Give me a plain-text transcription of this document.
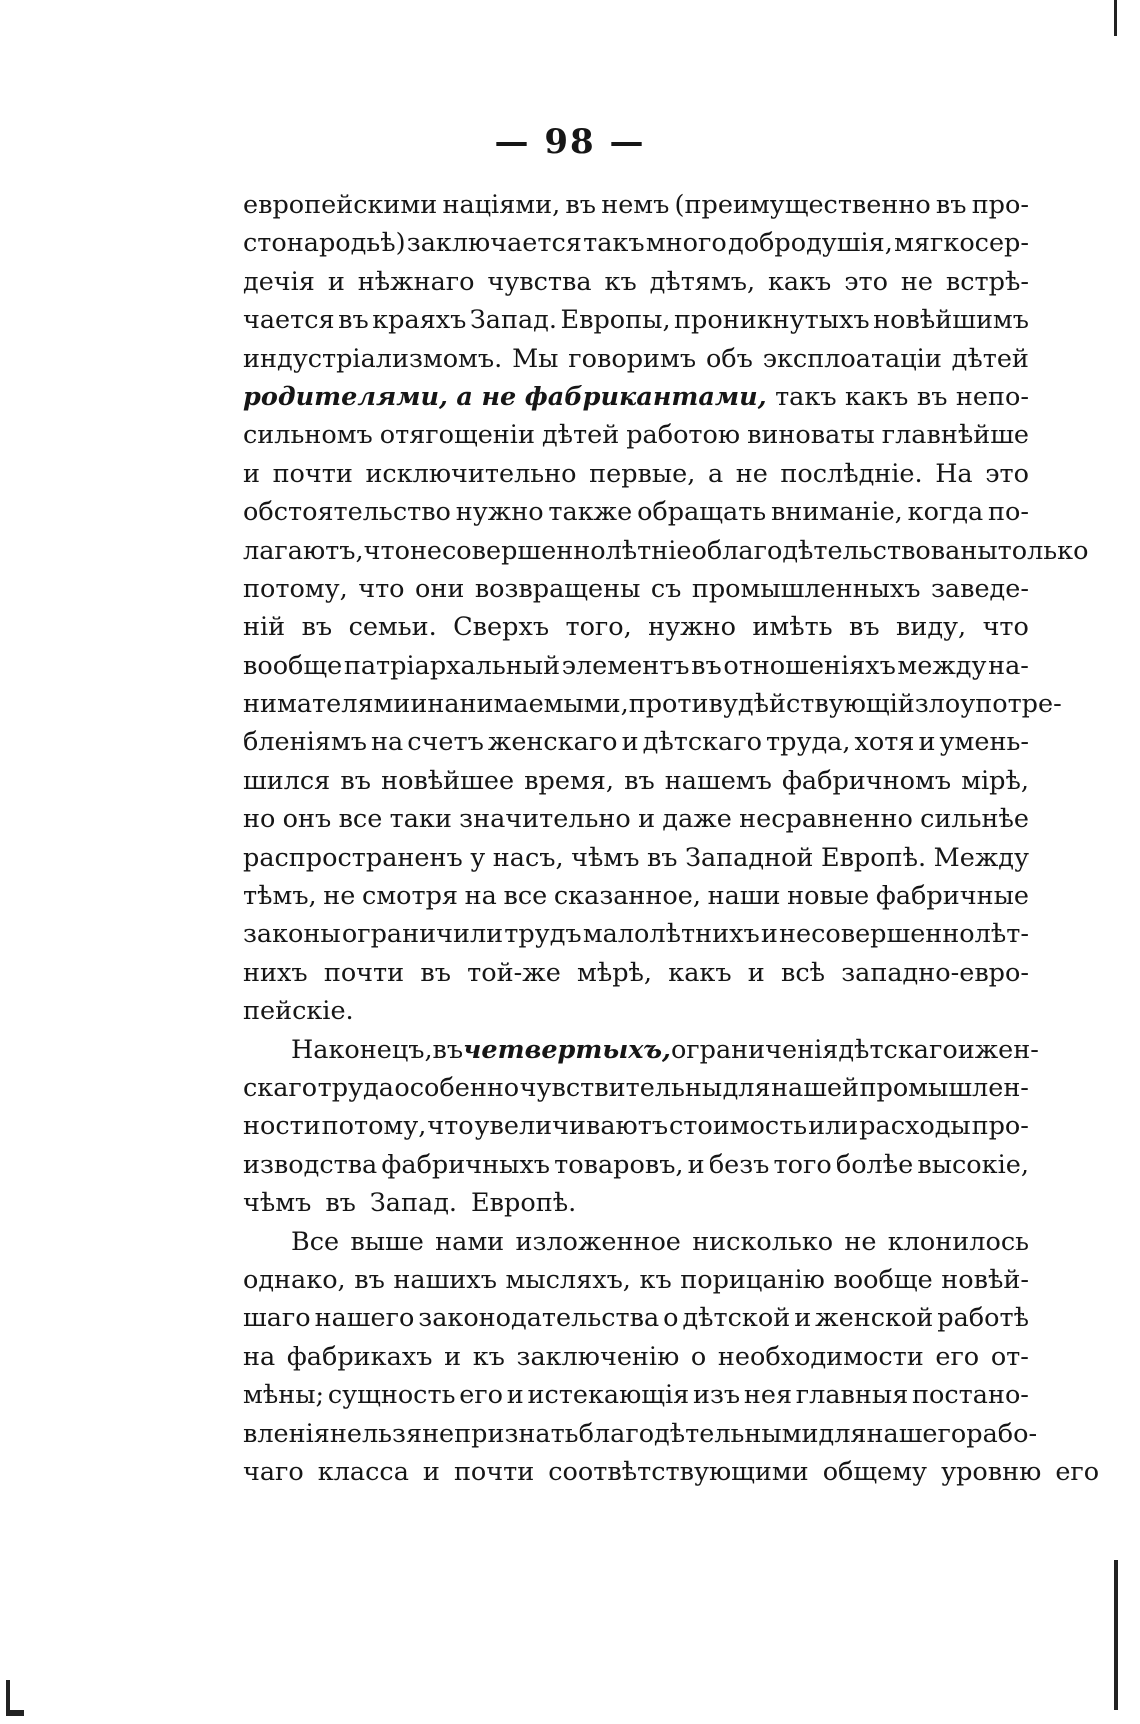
— 98 —
европейскими націями, въ немъ (преимущественно въ про-
стонародьѣ) заключается такъ много добродушія, мягкосер-
дечія и нѣжнаго чувства къ дѣтямъ, какъ это не встрѣ-
чается въ краяхъ Запад. Европы, проникнутыхъ новѣйшимъ
индустріализмомъ. Мы говоримъ объ эксплоатаціи дѣтей
родителями, а не фабрикантами, такъ какъ въ непо-
сильномъ отягощеніи дѣтей работою виноваты главнѣйше
и почти исключительно первые, а не послѣдніе. На это
обстоятельство нужно также обращать вниманіе, когда по-
лагаютъ, что несовершеннолѣтніе облагодѣтельствованы только
потому, что они возвращены съ промышленныхъ заведе-
ній въ семьи. Сверхъ того, нужно имѣть въ виду, что
вообще патріархальный элементъ въ отношеніяхъ между на-
нимателями и нанимаемыми, противудѣйствующій злоупотре-
бленіямъ на счетъ женскаго и дѣтскаго труда, хотя и умень-
шился въ новѣйшее время, въ нашемъ фабричномъ мірѣ,
но онъ все таки значительно и даже несравненно сильнѣе
распространенъ у насъ, чѣмъ въ Западной Европѣ. Между
тѣмъ, не смотря на все сказанное, наши новые фабричные
законы ограничили трудъ малолѣтнихъ и несовершеннолѣт-
нихъ почти въ той-же мѣрѣ, какъ и всѣ западно-евро-
пейскіе.
Наконецъ, въ четвертыхъ, ограниченія дѣтскаго и жен-
скаго труда особенно чувствительны для нашей промышлен-
ности потому, что увеличиваютъ стоимость или расходы про-
изводства фабричныхъ товаровъ, и безъ того болѣе высокіе,
чѣмъ въ Запад. Европѣ.
Все выше нами изложенное нисколько не клонилось
однако, въ нашихъ мысляхъ, къ порицанію вообще новѣй-
шаго нашего законодательства о дѣтской и женской работѣ
на фабрикахъ и къ заключенію о необходимости его от-
мѣны; сущность его и истекающія изъ нея главныя постано-
вленія нельзя не признать благодѣтельными для нашего рабо-
чаго класса и почти соотвѣтствующими общему уровню его
